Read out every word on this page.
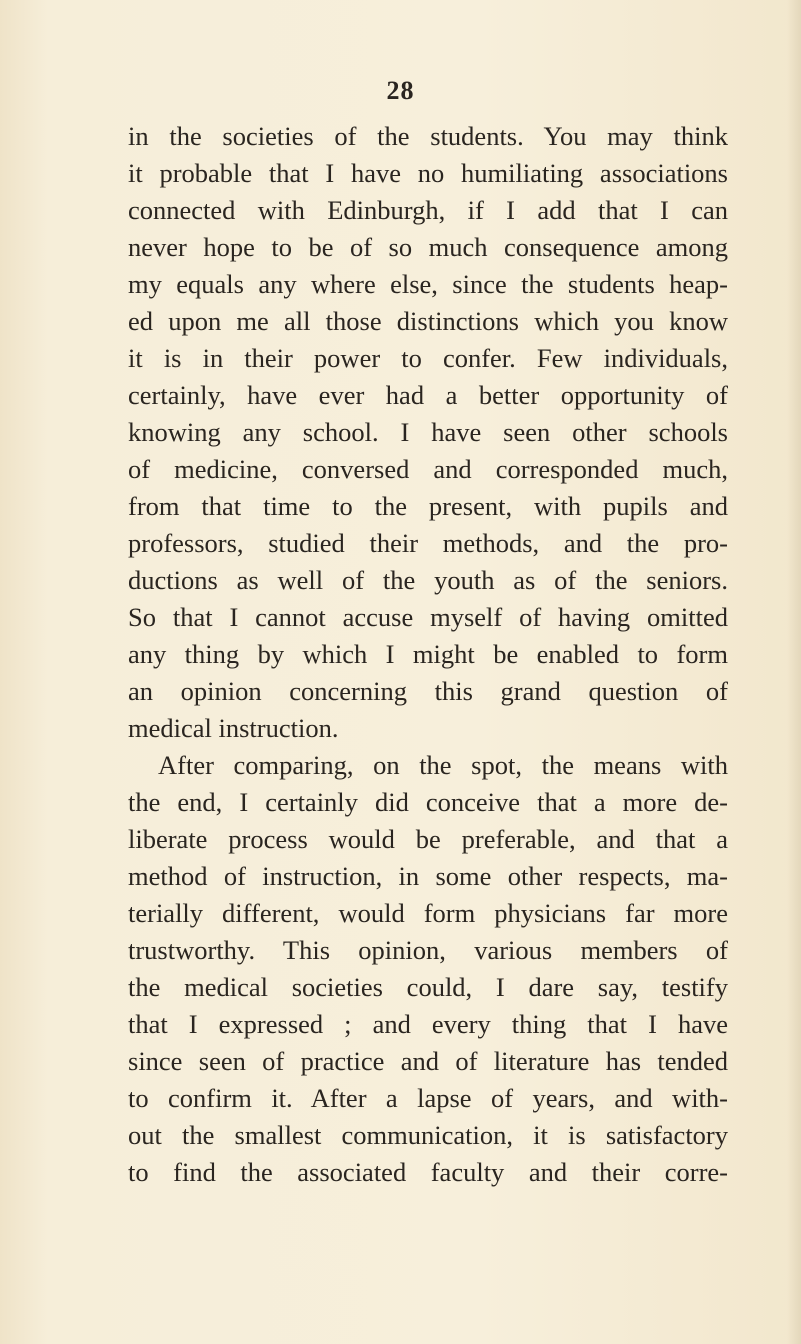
28
in the societies of the students. You may think
it probable that I have no humiliating associations
connected with Edinburgh, if I add that I can
never hope to be of so much consequence among
my equals any where else, since the students heap-
ed upon me all those distinctions which you know
it is in their power to confer. Few individuals,
certainly, have ever had a better opportunity of
knowing any school. I have seen other schools
of medicine, conversed and corresponded much,
from that time to the present, with pupils and
professors, studied their methods, and the pro-
ductions as well of the youth as of the seniors.
So that I cannot accuse myself of having omitted
any thing by which I might be enabled to form
an opinion concerning this grand question of
medical instruction.
After comparing, on the spot, the means with
the end, I certainly did conceive that a more de-
liberate process would be preferable, and that a
method of instruction, in some other respects, ma-
terially different, would form physicians far more
trustworthy. This opinion, various members of
the medical societies could, I dare say, testify
that I expressed ; and every thing that I have
since seen of practice and of literature has tended
to confirm it. After a lapse of years, and with-
out the smallest communication, it is satisfactory
to find the associated faculty and their corre-
